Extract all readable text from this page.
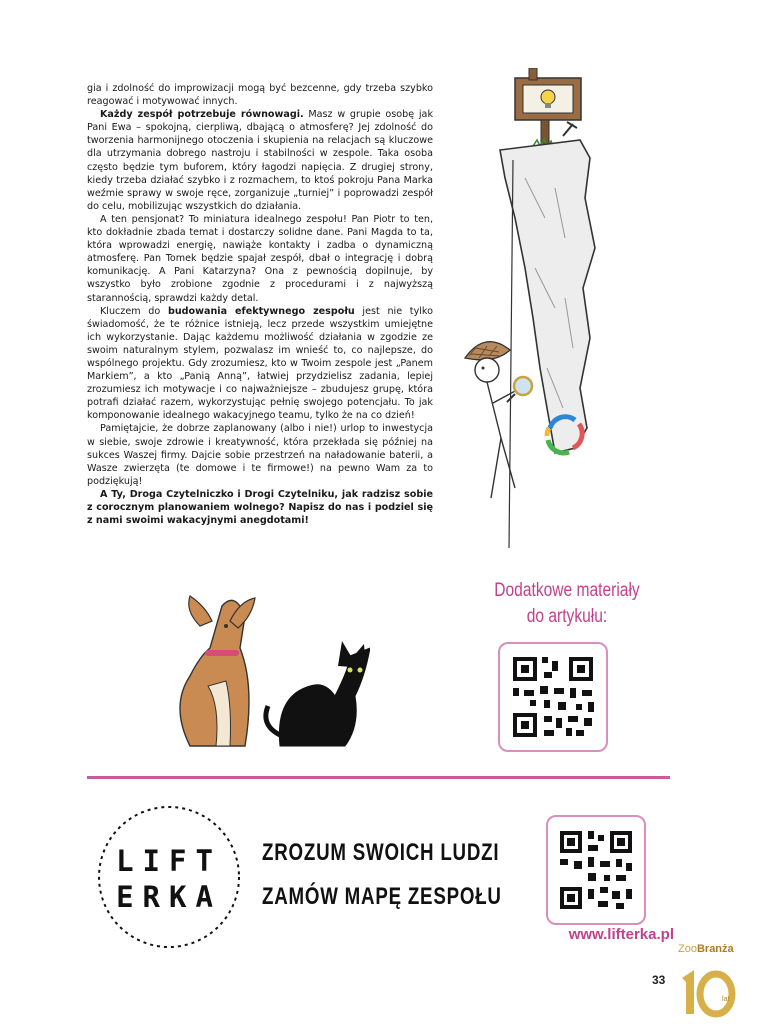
gia i zdolność do improwizacji mogą być bezcenne, gdy trzeba szybko reagować i motywować innych.

Każdy zespół potrzebuje równowagi. Masz w grupie osobę jak Pani Ewa – spokojną, cierpliwą, dbającą o atmosferę? Jej zdolność do tworzenia harmonijnego otoczenia i skupienia na relacjach są kluczowe dla utrzymania dobrego nastroju i stabilności w zespole. Taka osoba często będzie tym buforem, który łagodzi napięcia. Z drugiej strony, kiedy trzeba działać szybko i z rozmachem, to ktoś pokroju Pana Marka weźmie sprawy w swoje ręce, zorganizuje „turniej” i poprowadzi zespół do celu, mobilizując wszystkich do działania.

A ten pensjonat? To miniatura idealnego zespołu! Pan Piotr to ten, kto dokładnie zbada temat i dostarczy solidne dane. Pani Magda to ta, która wprowadzi energię, nawiąże kontakty i zadba o dynamiczną atmosferę. Pan Tomek będzie spajał zespół, dbał o integrację i dobrą komunikację. A Pani Katarzyna? Ona z pewnością dopilnuje, by wszystko było zrobione zgodnie z procedurami i z najwyższą starannością, sprawdzi każdy detal.

Kluczem do budowania efektywnego zespołu jest nie tylko świadomość, że te różnice istnieją, lecz przede wszystkim umiejętne ich wykorzystanie. Dając każdemu możliwość działania w zgodzie ze swoim naturalnym stylem, pozwalasz im wnieść to, co najlepsze, do wspólnego projektu. Gdy zrozumiesz, kto w Twoim zespole jest „Panem Markiem”, a kto „Panią Anną”, łatwiej przydzielisz zadania, lepiej zrozumiesz ich motywacje i co najważniejsze – zbudujesz grupę, która potrafi działać razem, wykorzystując pełnię swojego potencjału. To jak komponowanie idealnego wakacyjnego teamu, tylko że na co dzień!

Pamiętajcie, że dobrze zaplanowany (albo i nie!) urlop to inwestycja w siebie, swoje zdrowie i kreatywność, która przekłada się później na sukces Waszej firmy. Dajcie sobie przestrzeń na naładowanie baterii, a Wasze zwierzęta (te domowe i te firmowe!) na pewno Wam za to podziękują!

A Ty, Droga Czytelniczko i Drogi Czytelniku, jak radzisz sobie z corocznym planowaniem wolnego? Napisz do nas i podziel się z nami swoimi wakacyjnymi anegdotami!

Dodatkowe materiały
do artykułu:
LIFT
ERKA
ZROZUM SWOICH LUDZI
ZAMÓW MAPĘ ZESPOŁU
www.lifterka.pl
33
ZooBranża
lat
